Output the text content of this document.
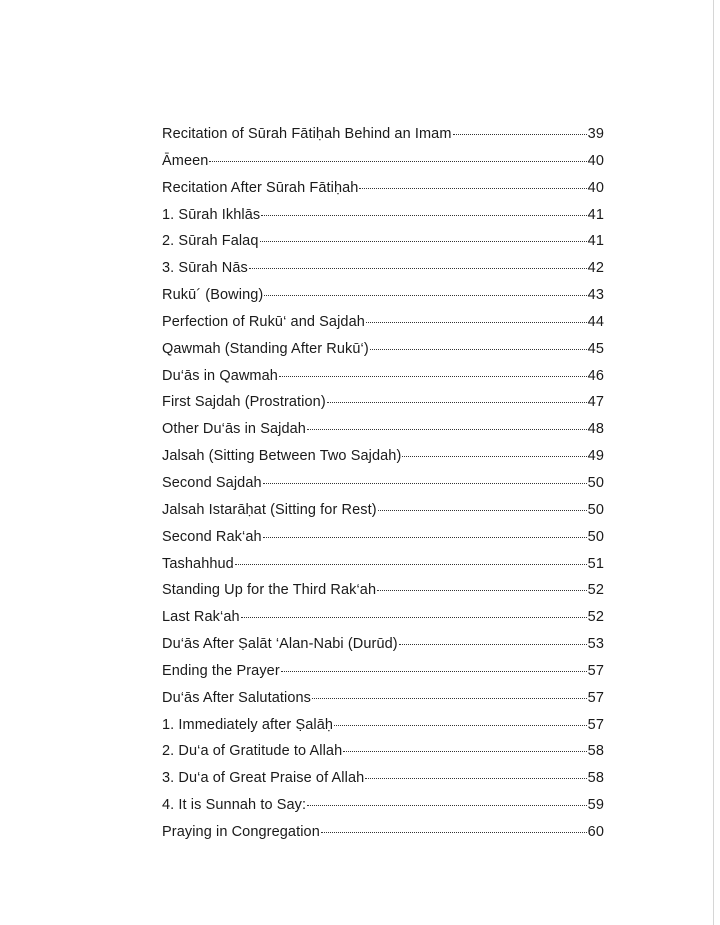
Recitation of Sūrah Fātiḥah Behind an Imam	39
Āmeen	40
Recitation After Sūrah Fātiḥah	40
1. Sūrah Ikhlās	41
2. Sūrah Falaq	41
3. Sūrah Nās	42
Rukū´ (Bowing)	43
Perfection of Rukū‘ and Sajdah	44
Qawmah (Standing After Rukū‘)	45
Du‘ās in Qawmah	46
First Sajdah (Prostration)	47
Other Du‘ās in Sajdah	48
Jalsah (Sitting Between Two Sajdah)	49
Second Sajdah	50
Jalsah Istarāḥat (Sitting for Rest)	50
Second Rak‘ah	50
Tashahhud	51
Standing Up for the Third Rak‘ah	52
Last Rak‘ah	52
Du‘ās After Ṣalāt ‘Alan-Nabi (Durūd)	53
Ending the Prayer	57
Du‘ās After Salutations	57
1. Immediately after Ṣalāḥ	57
2. Du‘a of Gratitude to Allah	58
3. Du‘a of Great Praise of Allah	58
4. It is Sunnah to Say:	59
Praying in Congregation	60
